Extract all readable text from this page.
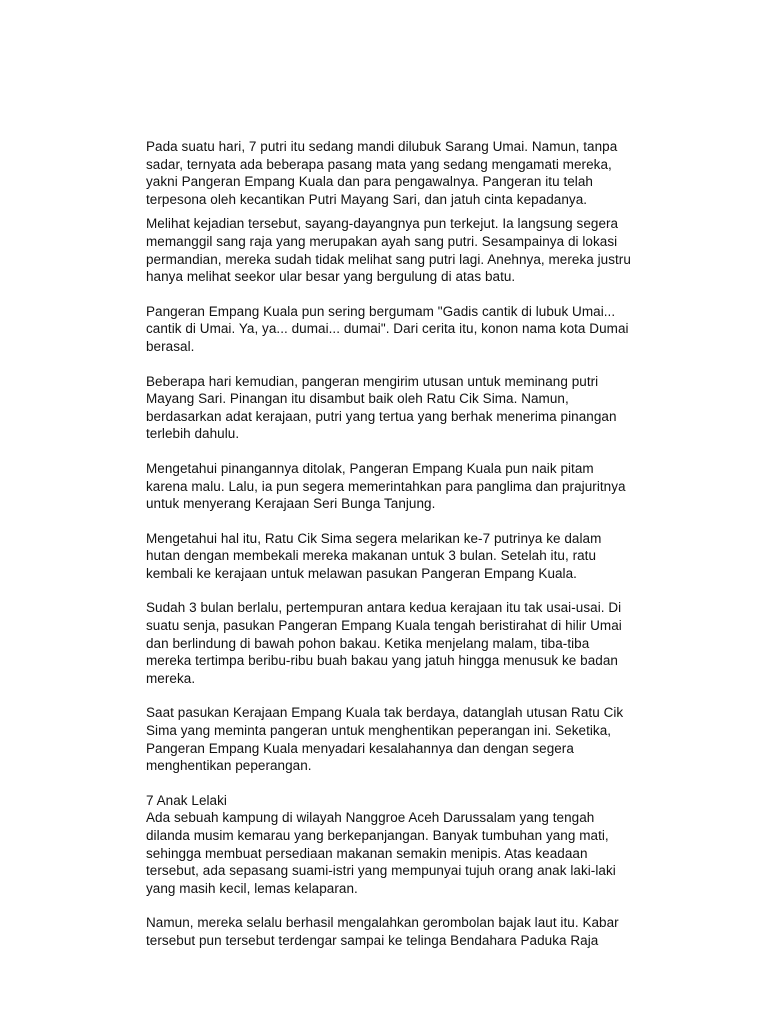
Pada suatu hari, 7 putri itu sedang mandi dilubuk Sarang Umai. Namun, tanpa
sadar, ternyata ada beberapa pasang mata yang sedang mengamati mereka,
yakni Pangeran Empang Kuala dan para pengawalnya. Pangeran itu telah
terpesona oleh kecantikan Putri Mayang Sari, dan jatuh cinta kepadanya.

Melihat kejadian tersebut, sayang-dayangnya pun terkejut. Ia langsung segera
memanggil sang raja yang merupakan ayah sang putri. Sesampainya di lokasi
permandian, mereka sudah tidak melihat sang putri lagi. Anehnya, mereka justru
hanya melihat seekor ular besar yang bergulung di atas batu.

Pangeran Empang Kuala pun sering bergumam "Gadis cantik di lubuk Umai...
cantik di Umai. Ya, ya... dumai... dumai". Dari cerita itu, konon nama kota Dumai
berasal.

Beberapa hari kemudian, pangeran mengirim utusan untuk meminang putri
Mayang Sari. Pinangan itu disambut baik oleh Ratu Cik Sima. Namun,
berdasarkan adat kerajaan, putri yang tertua yang berhak menerima pinangan
terlebih dahulu.

Mengetahui pinangannya ditolak, Pangeran Empang Kuala pun naik pitam
karena malu. Lalu, ia pun segera memerintahkan para panglima dan prajuritnya
untuk menyerang Kerajaan Seri Bunga Tanjung.

Mengetahui hal itu, Ratu Cik Sima segera melarikan ke-7 putrinya ke dalam
hutan dengan membekali mereka makanan untuk 3 bulan. Setelah itu, ratu
kembali ke kerajaan untuk melawan pasukan Pangeran Empang Kuala.

Sudah 3 bulan berlalu, pertempuran antara kedua kerajaan itu tak usai-usai. Di
suatu senja, pasukan Pangeran Empang Kuala tengah beristirahat di hilir Umai
dan berlindung di bawah pohon bakau. Ketika menjelang malam, tiba-tiba
mereka tertimpa beribu-ribu buah bakau yang jatuh hingga menusuk ke badan
mereka.

Saat pasukan Kerajaan Empang Kuala tak berdaya, datanglah utusan Ratu Cik
Sima yang meminta pangeran untuk menghentikan peperangan ini. Seketika,
Pangeran Empang Kuala menyadari kesalahannya dan dengan segera
menghentikan peperangan.

7 Anak Lelaki
Ada sebuah kampung di wilayah Nanggroe Aceh Darussalam yang tengah
dilanda musim kemarau yang berkepanjangan. Banyak tumbuhan yang mati,
sehingga membuat persediaan makanan semakin menipis. Atas keadaan
tersebut, ada sepasang suami-istri yang mempunyai tujuh orang anak laki-laki
yang masih kecil, lemas kelaparan.

Namun, mereka selalu berhasil mengalahkan gerombolan bajak laut itu. Kabar
tersebut pun tersebut terdengar sampai ke telinga Bendahara Paduka Raja
